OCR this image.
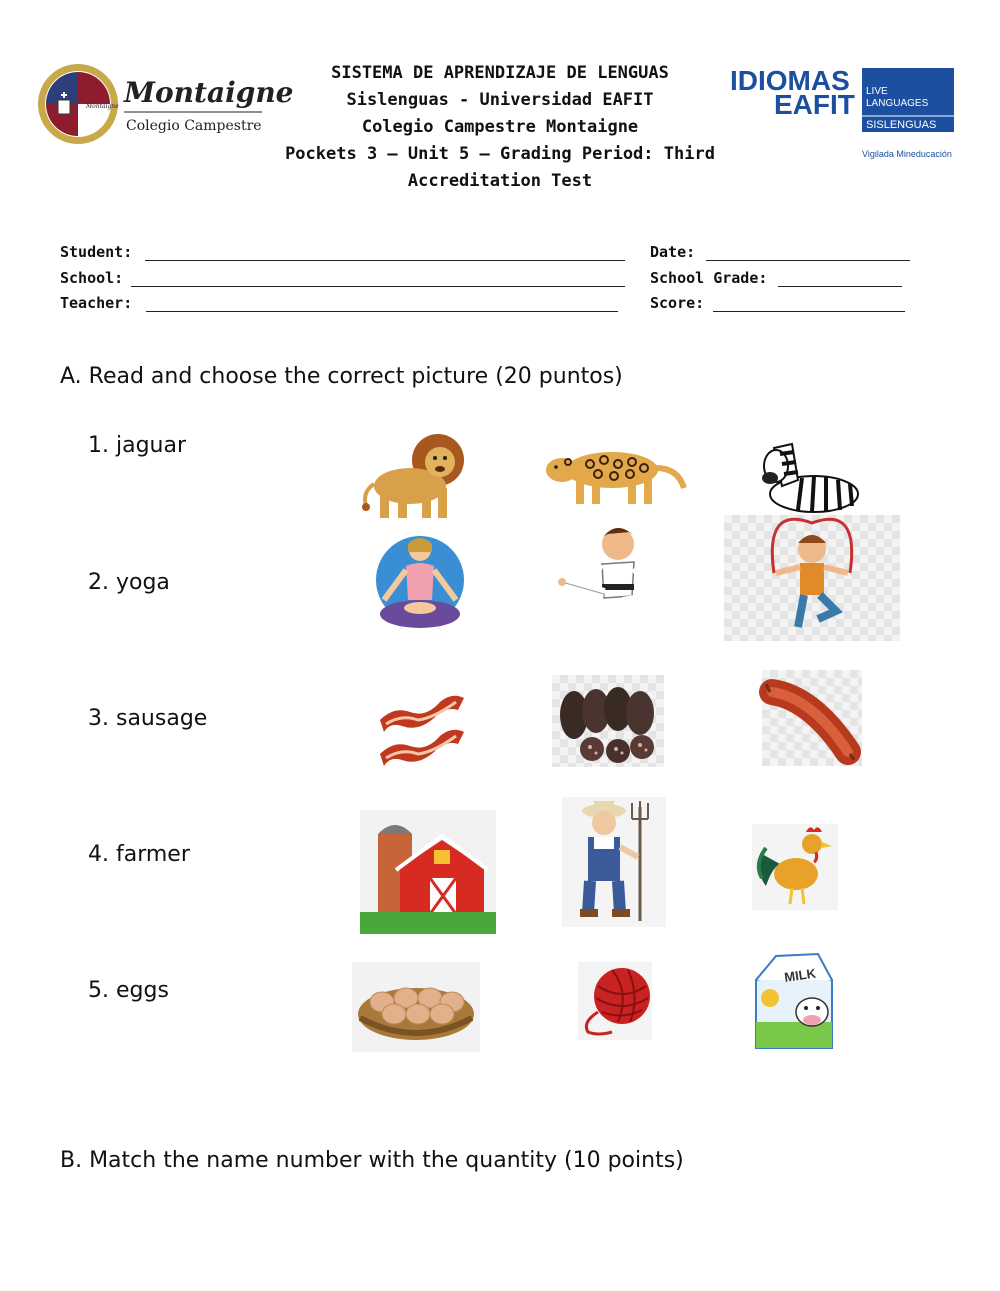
Montaigne Montaigne
Colegio Campestre
SISTEMA DE APRENDIZAJE DE LENGUAS
Sislenguas - Universidad EAFIT
Colegio Campestre Montaigne
Pockets 3 – Unit 5 – Grading Period: Third
Accreditation Test
IDIOMAS
EAFIT LIVE
LANGUAGES
SISLENGUAS
Vigilada Mineducación
Student:	Date:
School:	School Grade:
Teacher:	Score:
A. Read and choose the correct picture (20 puntos)
1. jaguar
2. yoga
3. sausage
4. farmer
5. eggs
MILK
B. Match the name number with the quantity (10 points)
